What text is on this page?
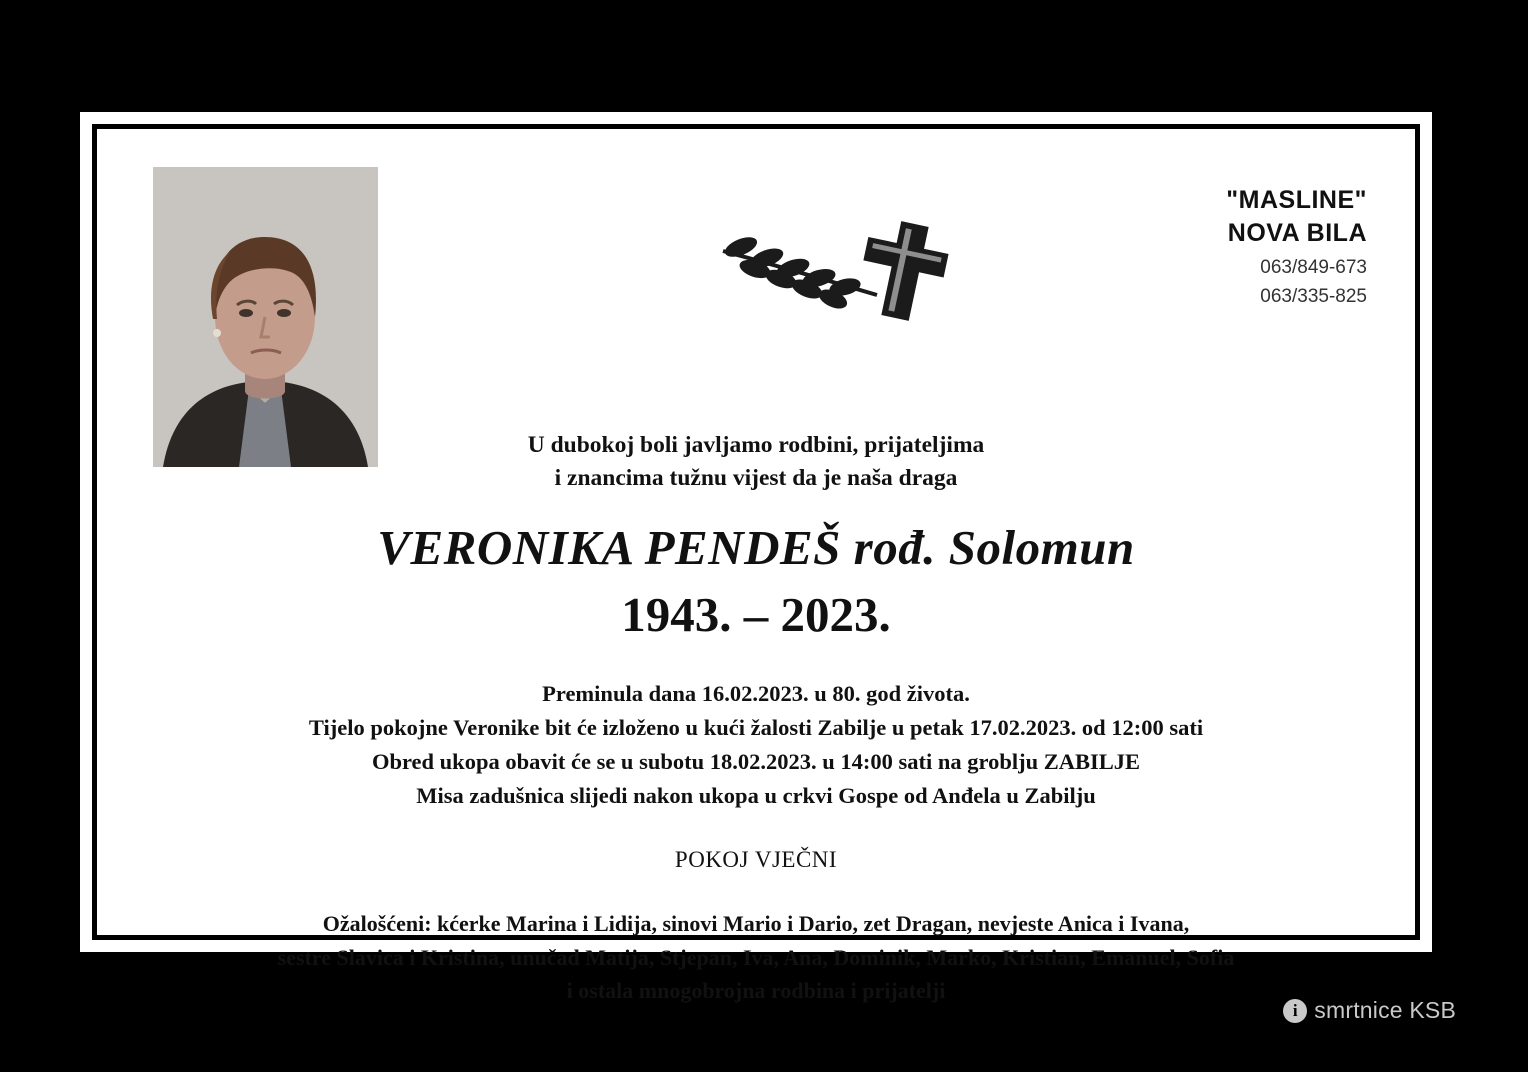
"MASLINE"
NOVA BILA
063/849-673
063/335-825
U dubokoj boli javljamo rodbini, prijateljima
i znancima tužnu vijest da je naša draga
VERONIKA PENDEŠ rođ. Solomun
1943. – 2023.
Preminula dana 16.02.2023. u 80. god života.
Tijelo pokojne Veronike bit će izloženo u kući žalosti Zabilje u petak 17.02.2023. od 12:00 sati
Obred ukopa obavit će se u subotu 18.02.2023. u 14:00 sati na groblju ZABILJE
Misa zadušnica slijedi nakon ukopa u crkvi Gospe od Anđela u Zabilju
POKOJ VJEČNI
Ožalošćeni: kćerke Marina i Lidija, sinovi Mario i Dario, zet Dragan, nevjeste Anica i Ivana,
sestre Slavica i Kristina, unučad Matija, Stjepan, Iva, Ana, Dominik, Marko, Kristian, Emanuel, Sofia
i ostala mnogobrojna rodbina i prijatelji
i smrtnice KSB
